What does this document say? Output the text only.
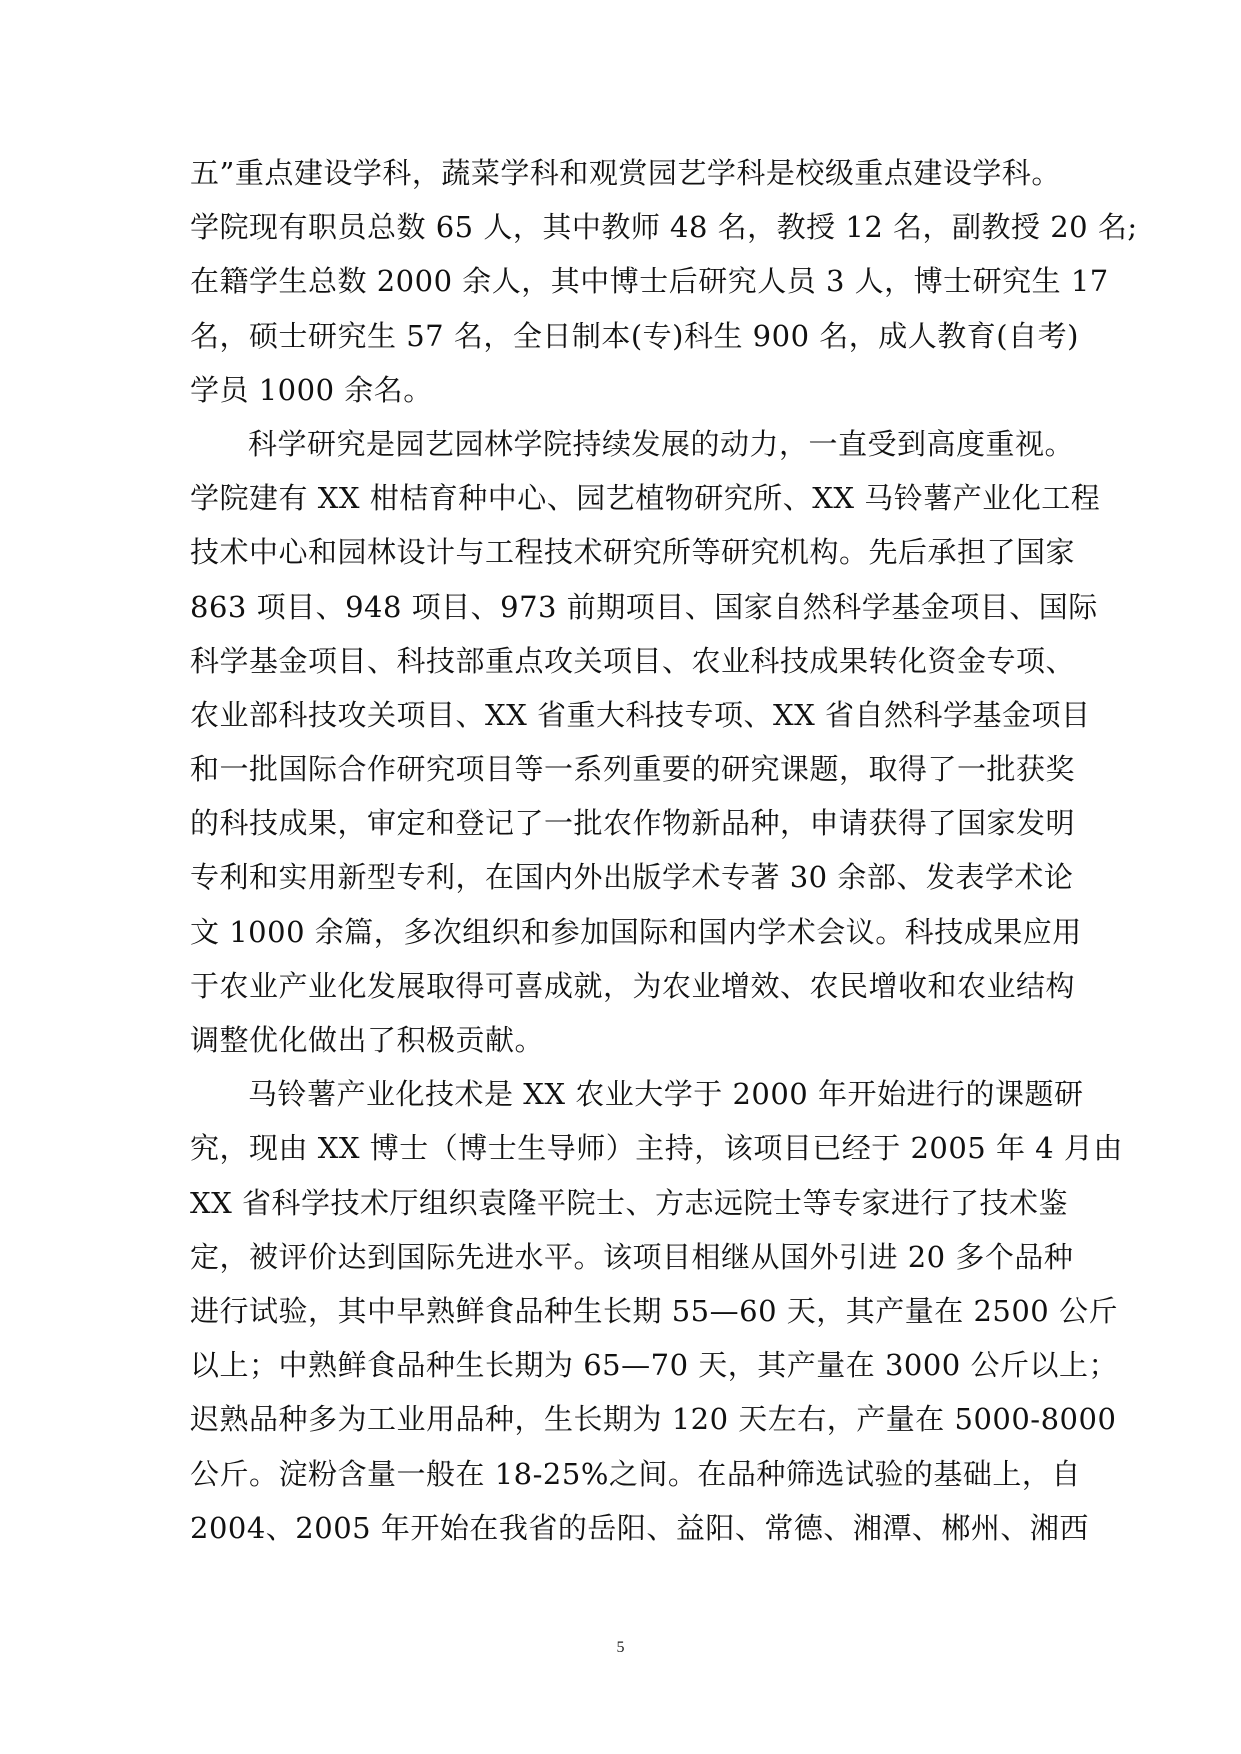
五”重点建设学科，蔬菜学科和观赏园艺学科是校级重点建设学科。
学院现有职员总数 65 人，其中教师 48 名，教授 12 名，副教授 20 名;
在籍学生总数 2000 余人，其中博士后研究人员 3 人，博士研究生 17
名，硕士研究生 57 名，全日制本(专)科生 900 名，成人教育(自考)
学员 1000 余名。
科学研究是园艺园林学院持续发展的动力，一直受到高度重视。
学院建有 XX 柑桔育种中心、园艺植物研究所、XX 马铃薯产业化工程
技术中心和园林设计与工程技术研究所等研究机构。先后承担了国家
863 项目、948 项目、973 前期项目、国家自然科学基金项目、国际
科学基金项目、科技部重点攻关项目、农业科技成果转化资金专项、
农业部科技攻关项目、XX 省重大科技专项、XX 省自然科学基金项目
和一批国际合作研究项目等一系列重要的研究课题，取得了一批获奖
的科技成果，审定和登记了一批农作物新品种，申请获得了国家发明
专利和实用新型专利，在国内外出版学术专著 30 余部、发表学术论
文 1000 余篇，多次组织和参加国际和国内学术会议。科技成果应用
于农业产业化发展取得可喜成就，为农业增效、农民增收和农业结构
调整优化做出了积极贡献。
马铃薯产业化技术是 XX 农业大学于 2000 年开始进行的课题研
究，现由 XX 博士（博士生导师）主持，该项目已经于 2005 年 4 月由
XX 省科学技术厅组织袁隆平院士、方志远院士等专家进行了技术鉴
定，被评价达到国际先进水平。该项目相继从国外引进 20 多个品种
进行试验，其中早熟鲜食品种生长期 55—60 天，其产量在 2500 公斤
以上；中熟鲜食品种生长期为 65—70 天，其产量在 3000 公斤以上；
迟熟品种多为工业用品种，生长期为 120 天左右，产量在 5000-8000
公斤。淀粉含量一般在 18-25%之间。在品种筛选试验的基础上，自
2004、2005 年开始在我省的岳阳、益阳、常德、湘潭、郴州、湘西
5
